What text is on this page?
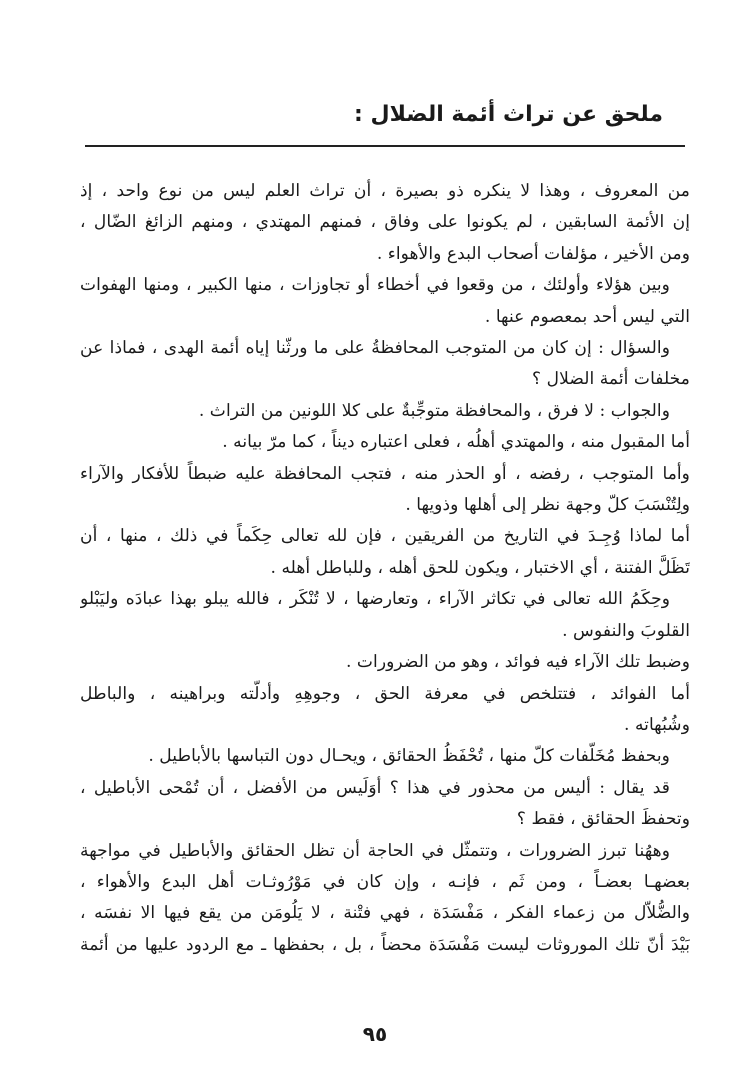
ملحق عن تراث أئمة الضلال :
من المعروف ، وهذا لا ينكره ذو بصيرة ، أن تراث العلم ليس من نوع واحد ، إذ
إن الأئمة السابقين ، لم يكونوا على وفاق ، فمنهم المهتدي ، ومنهم الزائغ الضّال ،
ومن الأخير ، مؤلفات أصحاب البدع والأهواء .
وبين هؤلاء وأولئك ، من وقعوا في أخطاء أو تجاوزات ، منها الكبير ، ومنها الهفوات
التي ليس أحد بمعصوم عنها .
والسؤال : إن كان من المتوجب المحافظةُ على ما ورثّنا إياه أئمة الهدى ، فماذا عن
مخلفات أئمة الضلال ؟
والجواب : لا فرق ، والمحافظة متوجِّبةٌ على كلا اللونين من التراث .
أما المقبول منه ، والمهتدي أهلُه ، فعلى اعتباره ديناً ، كما مرّ بيانه .
وأما المتوجب ، رفضه ، أو الحذر منه ، فتجب المحافظة عليه ضبطاً للأفكار والآراء
ولِتُنْسَبَ كلّ وجهة نظر إلى أهلها وذويها .
أما لماذا وُجِـدَ في التاريخ من الفريقين ، فإن لله تعالى حِكَماً في ذلك ، منها ، أن
تَظَلَّ الفتنة ، أي الاختبار ، ويكون للحق أهله ، وللباطل أهله .
وحِكَمُ الله تعالى في تكاثر الآراء ، وتعارضها ، لا تُنْكَر ، فالله يبلو بهذا عبادَه وليَبْلو
القلوبَ والنفوس .
وضبط تلك الآراء فيه فوائد ، وهو من الضرورات .
أما الفوائد ، فتتلخص في معرفة الحق ، وجوهِهِ وأدلّته وبراهينه ، والباطل
وشُبُهاته .
وبحفظ مُخَلّفات كلّ منها ، تُحْفَظُ الحقائق ، ويحـال دون التباسها بالأباطيل .
قد يقال : أليس من محذور في هذا ؟ أوَلَيس من الأفضل ، أن تُمْحى الأباطيل ،
وتحفظَ الحقائق ، فقط ؟
وههُنا تبرز الضرورات ، وتتمثّل في الحاجة أن تظل الحقائق والأباطيل في مواجهة
بعضهـا بعضـاً ، ومن ثَم ، فإنـه ، وإن كان في مَوْرُوثـات أهل البدع والأهواء ،
والضُّلاّل من زعماء الفكر ، مَفْسَدَة ، فهي فتْنة ، لا يَلُومَن من يقع فيها الا نفسَه ،
بَيْدَ أنّ تلك الموروثات ليست مَفْسَدَة محضاً ، بل ، بحفظها ـ مع الردود عليها من أئمة
٩٥
